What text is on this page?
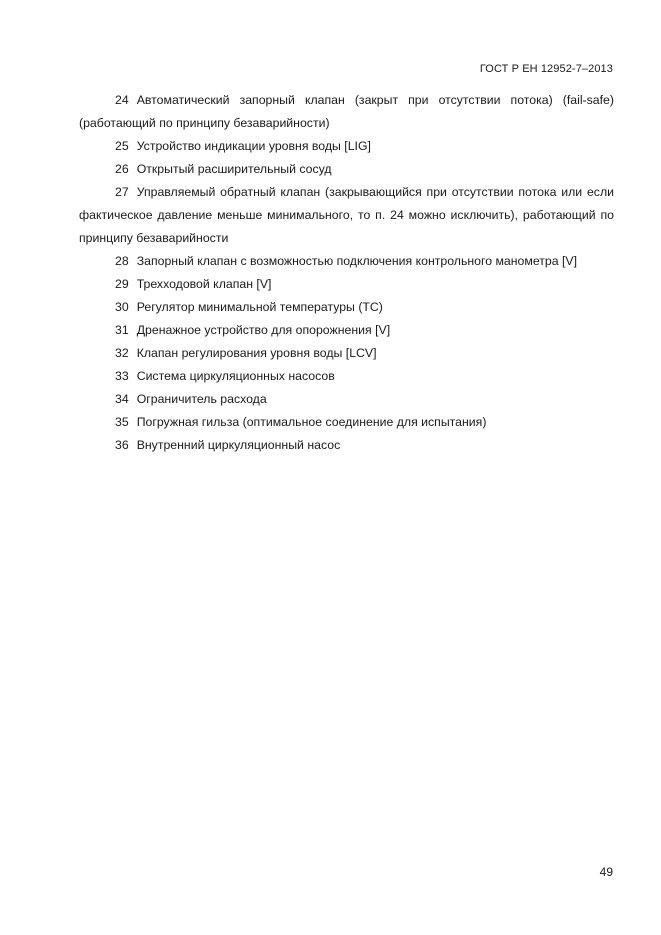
ГОСТ Р ЕН 12952-7–2013

24 Автоматический запорный клапан (закрыт при отсутствии потока) (fail-safe) (работающий по принципу безаварийности)

25 Устройство индикации уровня воды [LIG]

26 Открытый расширительный сосуд

27 Управляемый обратный клапан (закрывающийся при отсутствии потока или если фактическое давление меньше минимального, то п. 24 можно исключить), работающий по принципу безаварийности

28 Запорный клапан с возможностью подключения контрольного манометра [V]

29 Трехходовой клапан [V]

30 Регулятор минимальной температуры (TC)

31 Дренажное устройство для опорожнения [V]

32 Клапан регулирования уровня воды [LCV]

33 Система циркуляционных насосов

34 Ограничитель расхода

35 Погружная гильза (оптимальное соединение для испытания)

36 Внутренний циркуляционный насос

49
